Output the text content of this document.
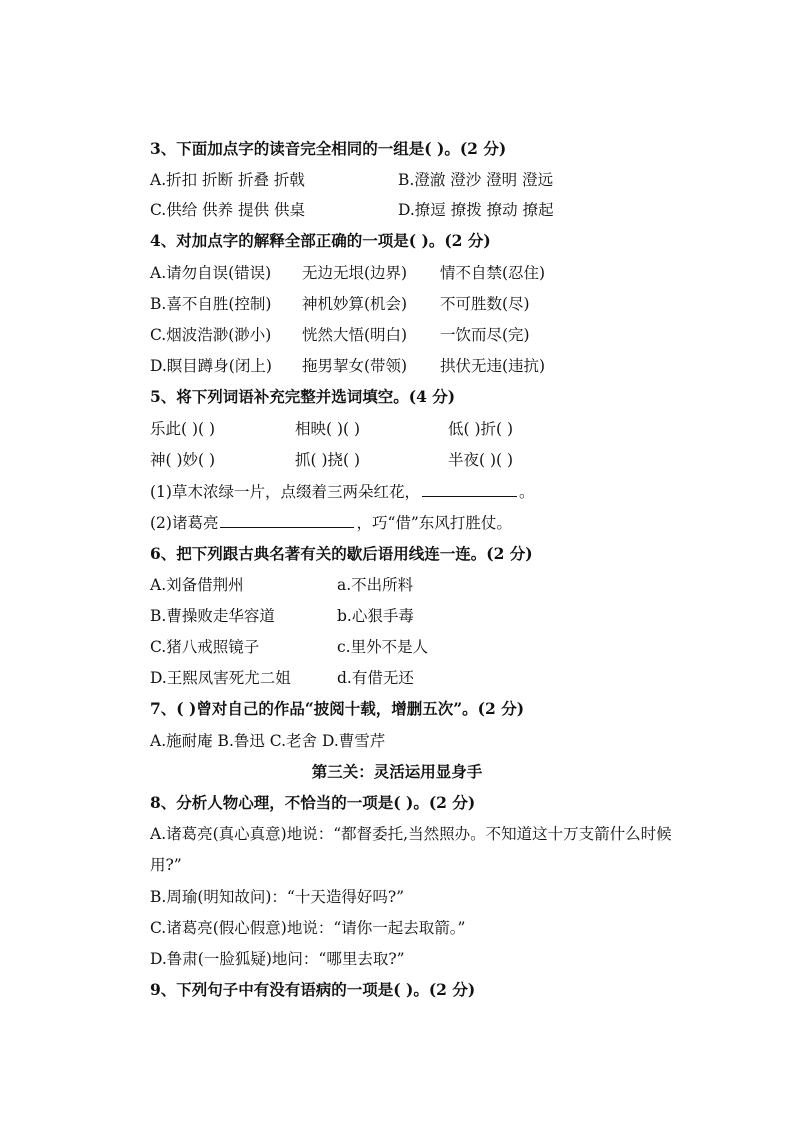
3、下面加点字的读音完全相同的一组是( )。(2 分)
A.折扣 折断 折叠 折戟	B.澄澈 澄沙 澄明 澄远
C.供给 供养 提供 供桌	D.撩逗 撩拨 撩动 撩起
4、对加点字的解释全部正确的一项是( )。(2 分)
A.请勿自误(错误) 无边无垠(边界) 情不自禁(忍住)
B.喜不自胜(控制) 神机妙算(机会) 不可胜数(尽)
C.烟波浩渺(渺小) 恍然大悟(明白) 一饮而尽(完)
D.瞑目蹲身(闭上) 拖男挈女(带领) 拱伏无违(违抗)
5、将下列词语补充完整并选词填空。(4 分)
乐此( )( )	相映( )( )	低( )折( )
神( )妙( )	抓( )挠( )	半夜( )( )
(1)草木浓绿一片，点缀着三两朵红花，	。
(2)诸葛亮	，巧“借”东风打胜仗。
6、把下列跟古典名著有关的歇后语用线连一连。(2 分)
A.刘备借荆州	a.不出所料
B.曹操败走华容道	b.心狠手毒
C.猪八戒照镜子	c.里外不是人
D.王熙凤害死尤二姐	d.有借无还
7、( )曾对自己的作品“披阅十载，增删五次”。(2 分)
A.施耐庵 B.鲁迅 C.老舍 D.曹雪芹
第三关：灵活运用显身手
8、分析人物心理，不恰当的一项是( )。(2 分)
A.诸葛亮(真心真意)地说：“都督委托,当然照办。不知道这十万支箭什么时候用?”
B.周瑜(明知故问)：“十天造得好吗?”
C.诸葛亮(假心假意)地说：“请你一起去取箭。”
D.鲁肃(一脸狐疑)地问：“哪里去取?”
9、下列句子中有没有语病的一项是( )。(2 分)
